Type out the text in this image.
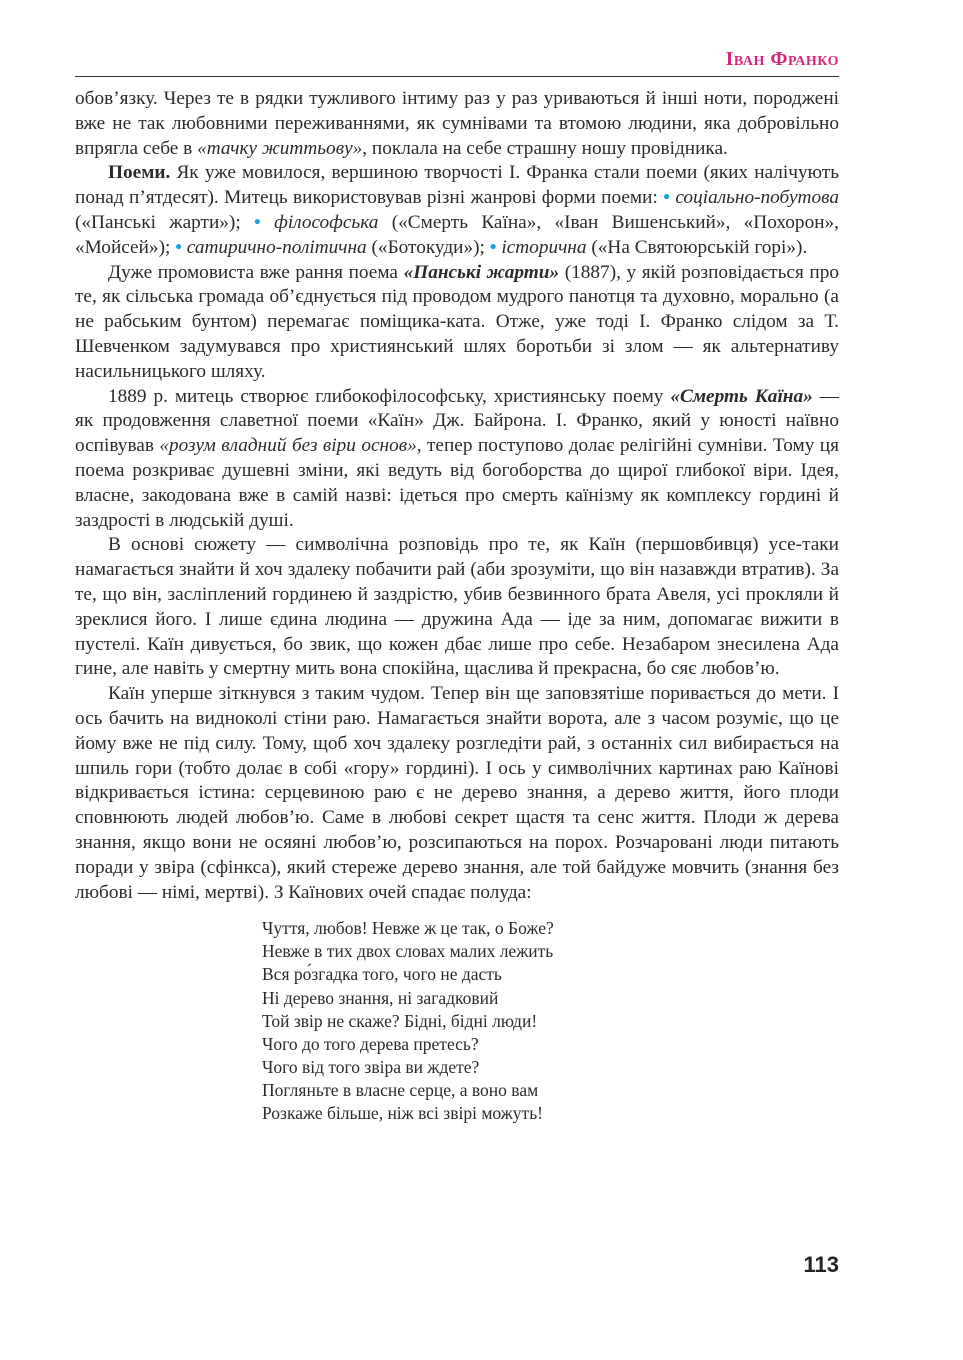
Іван Франко

обов’язку. Через те в рядки тужливого інтиму раз у раз уриваються й інші ноти, породжені вже не так любовними переживаннями, як сумнівами та втомою людини, яка добровільно впрягла себе в «тачку життьову», поклала на себе страшну ношу провідника.

Поеми. Як уже мовилося, вершиною творчості І. Франка стали поеми (яких налічують понад п’ятдесят). Митець використовував різні жанрові форми поеми: • соціально-побутова («Панські жарти»); • філософська («Смерть Каїна», «Іван Вишенський», «Похорон», «Мойсей»); • сатирично-політична («Ботокуди»); • історична («На Святоюрській горі»).

Дуже промовиста вже рання поема «Панські жарти» (1887), у якій розповідається про те, як сільська громада об’єднується під проводом мудрого панотця та духовно, морально (а не рабським бунтом) перемагає поміщика-ката. Отже, уже тоді І. Франко слідом за Т. Шевченком задумувався про християнський шлях боротьби зі злом — як альтернативу насильницького шляху.

1889 р. митець створює глибокофілософську, християнську поему «Смерть Каїна» — як продовження славетної поеми «Каїн» Дж. Байрона. І. Франко, який у юності наївно оспівував «розум владний без віри основ», тепер поступово долає релігійні сумніви. Тому ця поема розкриває душевні зміни, які ведуть від богоборства до щирої глибокої віри. Ідея, власне, закодована вже в самій назві: ідеться про смерть каїнізму як комплексу гордині й заздрості в людській душі.

В основі сюжету — символічна розповідь про те, як Каїн (першовбивця) усе-таки намагається знайти й хоч здалеку побачити рай (аби зрозуміти, що він назавжди втратив). За те, що він, засліплений гординею й заздрістю, убив безвинного брата Авеля, усі прокляли й зреклися його. І лише єдина людина — дружина Ада — іде за ним, допомагає вижити в пустелі. Каїн дивується, бо звик, що кожен дбає лише про себе. Незабаром знесилена Ада гине, але навіть у смертну мить вона спокійна, щаслива й прекрасна, бо сяє любов’ю.

Каїн уперше зіткнувся з таким чудом. Тепер він ще заповзятіше поривається до мети. І ось бачить на видноколі стіни раю. Намагається знайти ворота, але з часом розуміє, що це йому вже не під силу. Тому, щоб хоч здалеку розгледіти рай, з останніх сил вибирається на шпиль гори (тобто долає в собі «гору» гордині). І ось у символічних картинах раю Каїнові відкривається істина: серцевиною раю є не дерево знання, а дерево життя, його плоди сповнюють людей любов’ю. Саме в любові секрет щастя та сенс життя. Плоди ж дерева знання, якщо вони не осяяні любов’ю, розсипаються на порох. Розчаровані люди питають поради у звіра (сфінкса), який стереже дерево знання, але той байдуже мовчить (знання без любові — німі, мертві). З Каїнових очей спадає полуда:

Чуття, любов! Невже ж це так, о Боже?
Невже в тих двох словах малих лежить
Вся ро́згадка того, чого не дасть
Ні дерево знання, ні загадковий
Той звір не скаже? Бідні, бідні люди!
Чого до того дерева претесь?
Чого від того звіра ви ждете?
Погляньте в власне серце, а воно вам
Розкаже більше, ніж всі звірі можуть!
113
